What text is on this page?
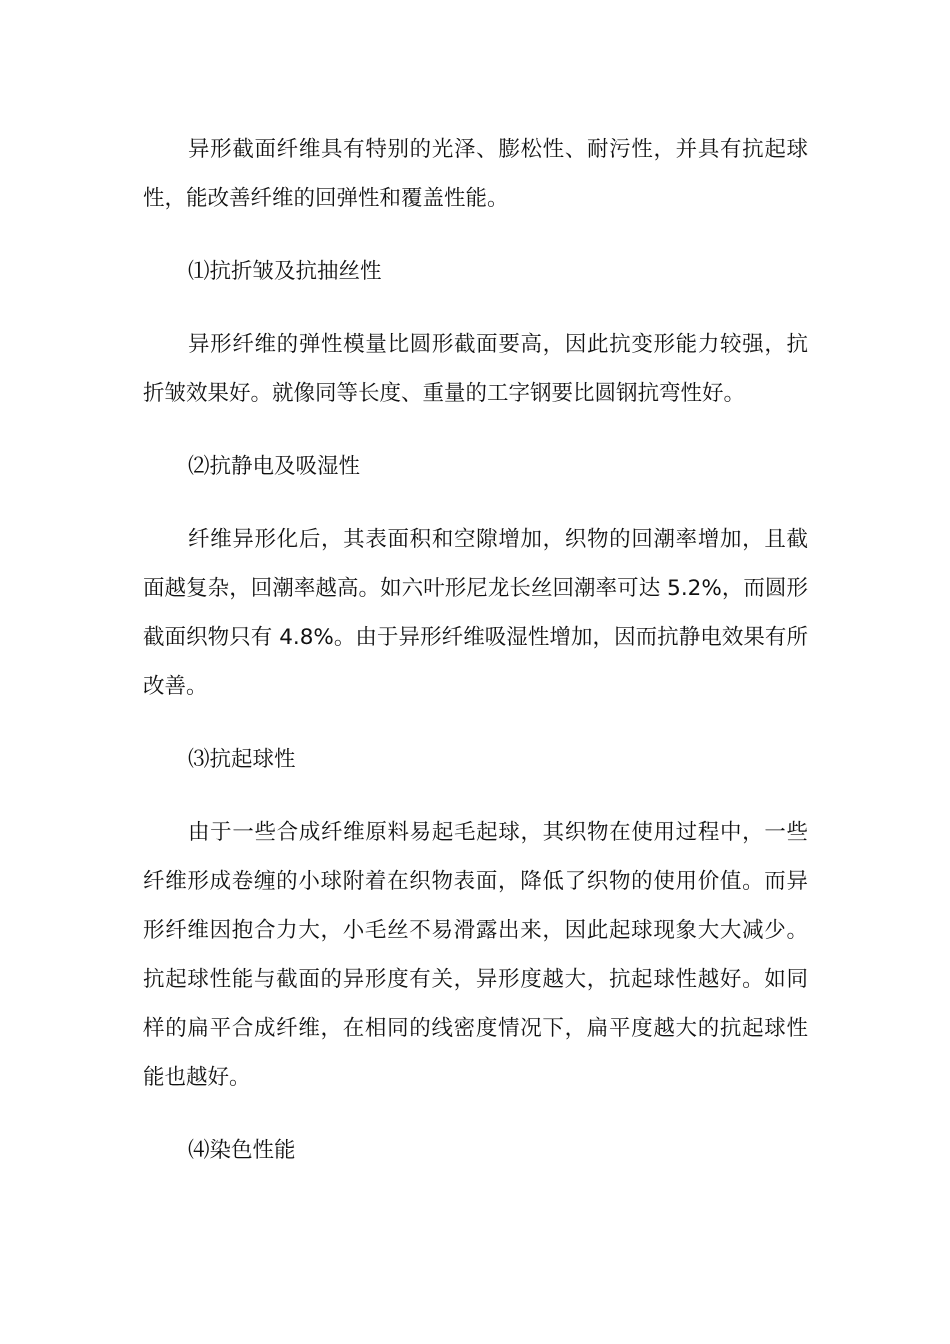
异形截面纤维具有特别的光泽、膨松性、耐污性，并具有抗起球性，能改善纤维的回弹性和覆盖性能。

⑴抗折皱及抗抽丝性

异形纤维的弹性模量比圆形截面要高，因此抗变形能力较强，抗折皱效果好。就像同等长度、重量的工字钢要比圆钢抗弯性好。

⑵抗静电及吸湿性

纤维异形化后，其表面积和空隙增加，织物的回潮率增加，且截面越复杂，回潮率越高。如六叶形尼龙长丝回潮率可达 5.2%，而圆形截面织物只有 4.8%。由于异形纤维吸湿性增加，因而抗静电效果有所改善。

⑶抗起球性

由于一些合成纤维原料易起毛起球，其织物在使用过程中，一些纤维形成卷缠的小球附着在织物表面，降低了织物的使用价值。而异形纤维因抱合力大，小毛丝不易滑露出来，因此起球现象大大减少。抗起球性能与截面的异形度有关，异形度越大，抗起球性越好。如同样的扁平合成纤维，在相同的线密度情况下，扁平度越大的抗起球性能也越好。

⑷染色性能
